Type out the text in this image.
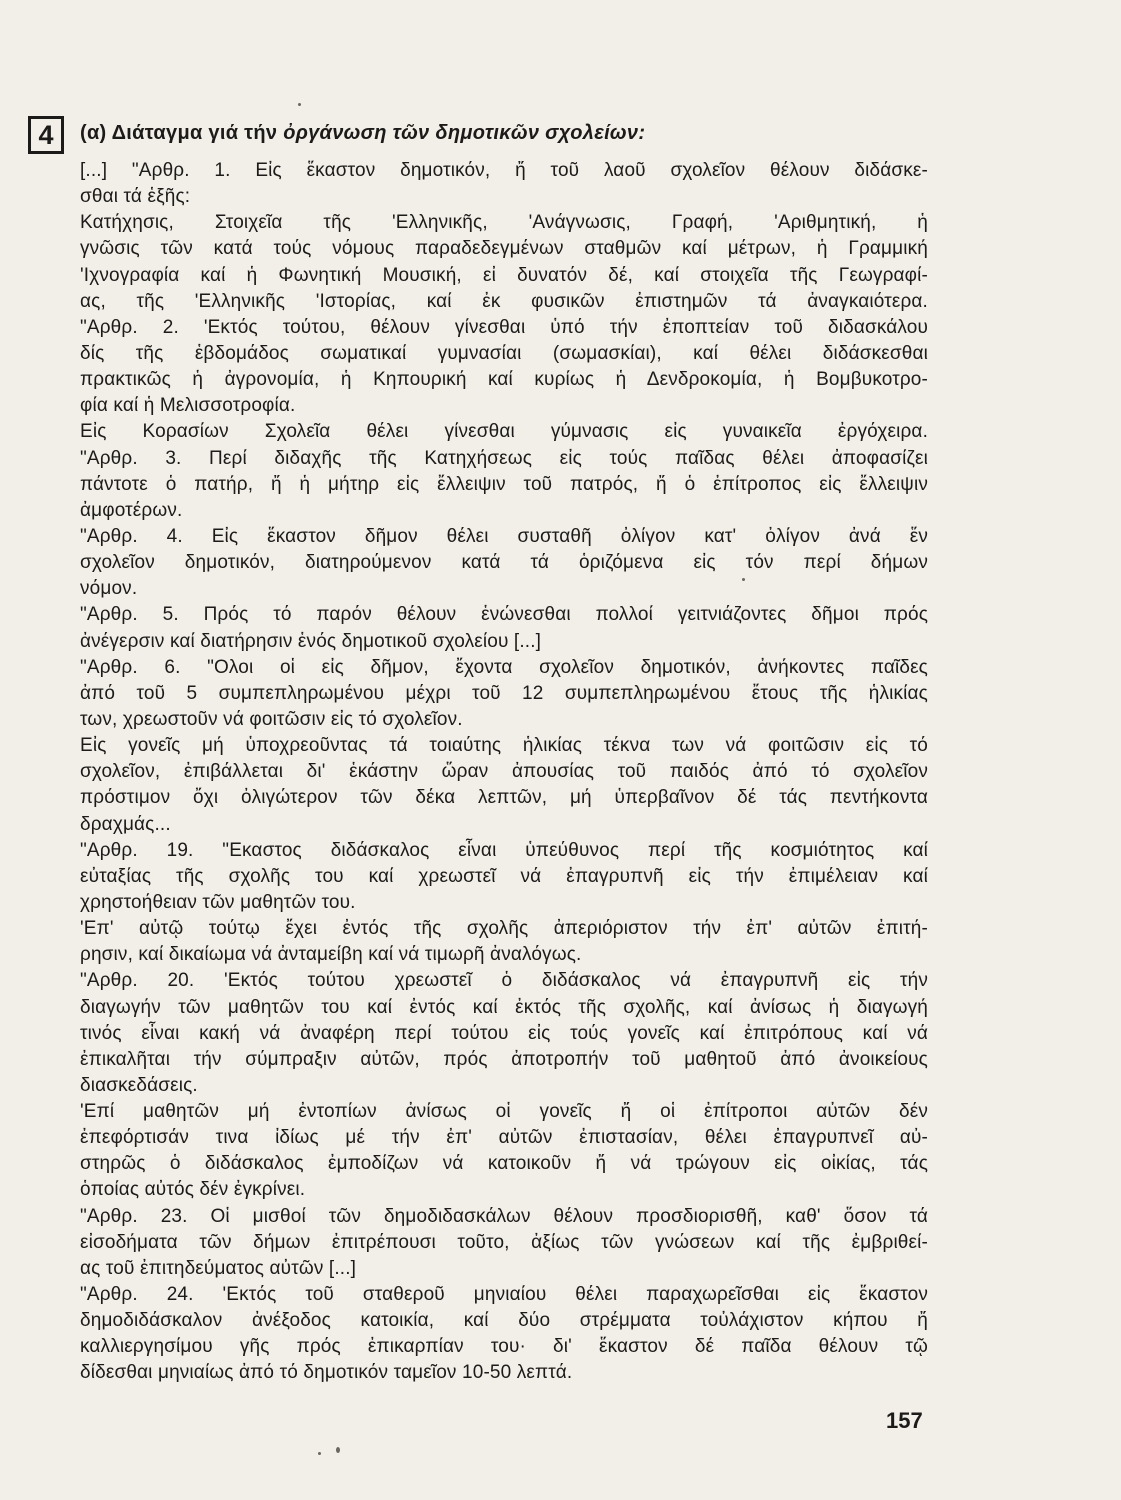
4 (α) Διάταγμα γιά τήν ὀργάνωση τῶν δημοτικῶν σχολείων:
[...] "Αρθρ. 1. Εἰς ἕκαστον δημοτικόν, ἤ τοῦ λαοῦ σχολεῖον θέλουν διδάσκε-
σθαι τά ἑξῆς:
Κατήχησις, Στοιχεῖα τῆς 'Ελληνικῆς, 'Ανάγνωσις, Γραφή, 'Αριθμητική, ἡ
γνῶσις τῶν κατά τούς νόμους παραδεδεγμένων σταθμῶν καί μέτρων, ἡ Γραμμική
'Ιχνογραφία καί ἡ Φωνητική Μουσική, εἰ δυνατόν δέ, καί στοιχεῖα τῆς Γεωγραφί-
ας, τῆς 'Ελληνικῆς 'Ιστορίας, καί ἐκ φυσικῶν ἐπιστημῶν τά ἀναγκαιότερα.
"Αρθρ. 2. 'Εκτός τούτου, θέλουν γίνεσθαι ὑπό τήν ἐποπτείαν τοῦ διδασκάλου
δίς τῆς ἑβδομάδος σωματικαί γυμνασίαι (σωμασκίαι), καί θέλει διδάσκεσθαι
πρακτικῶς ἡ ἀγρονομία, ἡ Κηπουρική καί κυρίως ἡ Δενδροκομία, ἡ Βομβυκοτρο-
φία καί ἡ Μελισσοτροφία.
Εἰς Κορασίων Σχολεῖα θέλει γίνεσθαι γύμνασις εἰς γυναικεῖα ἐργόχειρα.
"Αρθρ. 3. Περί διδαχῆς τῆς Κατηχήσεως εἰς τούς παῖδας θέλει ἀποφασίζει
πάντοτε ὁ πατήρ, ἤ ἡ μήτηρ εἰς ἔλλειψιν τοῦ πατρός, ἤ ὁ ἐπίτροπος εἰς ἔλλειψιν
ἀμφοτέρων.
"Αρθρ. 4. Εἰς ἕκαστον δῆμον θέλει συσταθῆ ὀλίγον κατ' ὀλίγον ἀνά ἕν
σχολεῖον δημοτικόν, διατηρούμενον κατά τά ὁριζόμενα εἰς τόν περί δήμων
νόμον.
"Αρθρ. 5. Πρός τό παρόν θέλουν ἑνώνεσθαι πολλοί γειτνιάζοντες δῆμοι πρός
ἀνέγερσιν καί διατήρησιν ἑνός δημοτικοῦ σχολείου [...]
"Αρθρ. 6. "Ολοι οἱ εἰς δῆμον, ἔχοντα σχολεῖον δημοτικόν, ἀνήκοντες παῖδες
ἀπό τοῦ 5 συμπεπληρωμένου μέχρι τοῦ 12 συμπεπληρωμένου ἔτους τῆς ἡλικίας
των, χρεωστοῦν νά φοιτῶσιν εἰς τό σχολεῖον.
Εἰς γονεῖς μή ὑποχρεοῦντας τά τοιαύτης ἡλικίας τέκνα των νά φοιτῶσιν εἰς τό
σχολεῖον, ἐπιβάλλεται δι' ἑκάστην ὥραν ἀπουσίας τοῦ παιδός ἀπό τό σχολεῖον
πρόστιμον ὄχι ὀλιγώτερον τῶν δέκα λεπτῶν, μή ὑπερβαῖνον δέ τάς πεντήκοντα
δραχμάς...
"Αρθρ. 19. "Εκαστος διδάσκαλος εἶναι ὑπεύθυνος περί τῆς κοσμιότητος καί
εὐταξίας τῆς σχολῆς του καί χρεωστεῖ νά ἐπαγρυπνῆ εἰς τήν ἐπιμέλειαν καί
χρηστοήθειαν τῶν μαθητῶν του.
'Επ' αὐτῷ τούτῳ ἔχει ἐντός τῆς σχολῆς ἀπεριόριστον τήν ἐπ' αὐτῶν ἐπιτή-
ρησιν, καί δικαίωμα νά ἀνταμείβη καί νά τιμωρῆ ἀναλόγως.
"Αρθρ. 20. 'Εκτός τούτου χρεωστεῖ ὁ διδάσκαλος νά ἐπαγρυπνῆ εἰς τήν
διαγωγήν τῶν μαθητῶν του καί ἐντός καί ἐκτός τῆς σχολῆς, καί ἀνίσως ἡ διαγωγή
τινός εἶναι κακή νά ἀναφέρη περί τούτου εἰς τούς γονεῖς καί ἐπιτρόπους καί νά
ἐπικαλῆται τήν σύμπραξιν αὐτῶν, πρός ἀποτροπήν τοῦ μαθητοῦ ἀπό ἀνοικείους
διασκεδάσεις.
'Επί μαθητῶν μή ἐντοπίων ἀνίσως οἱ γονεῖς ἤ οἱ ἐπίτροποι αὐτῶν δέν
ἐπεφόρτισάν τινα ἰδίως μέ τήν ἐπ' αὐτῶν ἐπιστασίαν, θέλει ἐπαγρυπνεῖ αὐ-
στηρῶς ὁ διδάσκαλος ἐμποδίζων νά κατοικοῦν ἤ νά τρώγουν εἰς οἰκίας, τάς
ὁποίας αὐτός δέν ἐγκρίνει.
"Αρθρ. 23. Οἱ μισθοί τῶν δημοδιδασκάλων θέλουν προσδιορισθῆ, καθ' ὅσον τά
εἰσοδήματα τῶν δήμων ἐπιτρέπουσι τοῦτο, ἀξίως τῶν γνώσεων καί τῆς ἐμβριθεί-
ας τοῦ ἐπιτηδεύματος αὐτῶν [...]
"Αρθρ. 24. 'Εκτός τοῦ σταθεροῦ μηνιαίου θέλει παραχωρεῖσθαι εἰς ἕκαστον
δημοδιδάσκαλον ἀνέξοδος κατοικία, καί δύο στρέμματα τοὐλάχιστον κήπου ἤ
καλλιεργησίμου γῆς πρός ἐπικαρπίαν του· δι' ἕκαστον δέ παῖδα θέλουν τῷ
δίδεσθαι μηνιαίως ἀπό τό δημοτικόν ταμεῖον 10-50 λεπτά.
157
